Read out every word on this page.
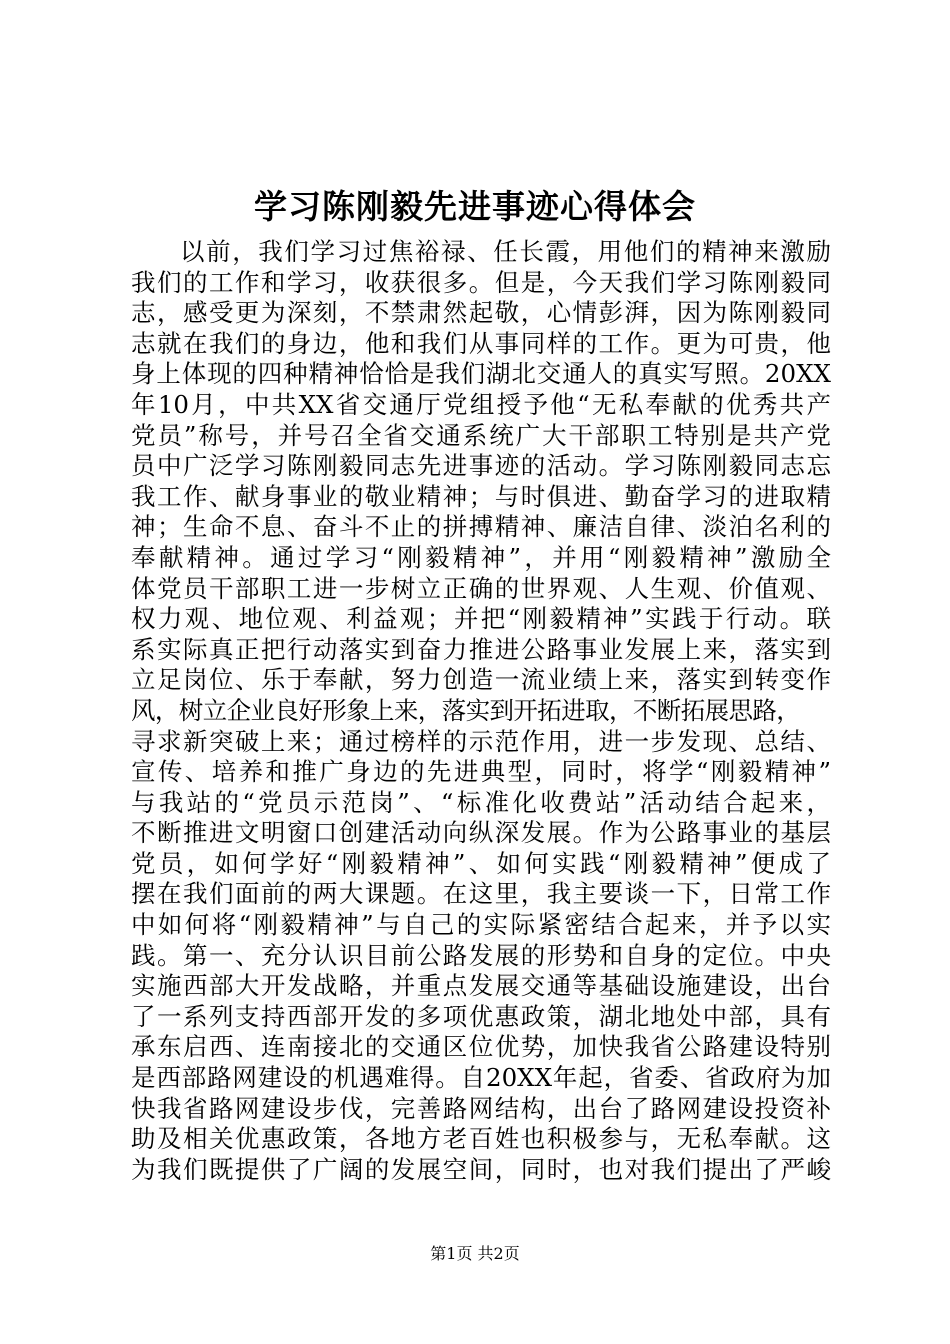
学习陈刚毅先进事迹心得体会
以前，我们学习过焦裕禄、任长霞，用他们的精神来激励
我们的工作和学习，收获很多。但是，今天我们学习陈刚毅同
志，感受更为深刻，不禁肃然起敬，心情彭湃，因为陈刚毅同
志就在我们的身边，他和我们从事同样的工作。更为可贵，他
身上体现的四种精神恰恰是我们湖北交通人的真实写照。20XX
年10月，中共XX省交通厅党组授予他“无私奉献的优秀共产
党员”称号，并号召全省交通系统广大干部职工特别是共产党
员中广泛学习陈刚毅同志先进事迹的活动。学习陈刚毅同志忘
我工作、献身事业的敬业精神；与时俱进、勤奋学习的进取精
神；生命不息、奋斗不止的拼搏精神、廉洁自律、淡泊名利的
奉献精神。通过学习“刚毅精神”，并用“刚毅精神”激励全
体党员干部职工进一步树立正确的世界观、人生观、价值观、
权力观、地位观、利益观；并把“刚毅精神”实践于行动。联
系实际真正把行动落实到奋力推进公路事业发展上来，落实到
立足岗位、乐于奉献，努力创造一流业绩上来，落实到转变作
风，树立企业良好形象上来，落实到开拓进取，不断拓展思路，
寻求新突破上来；通过榜样的示范作用，进一步发现、总结、
宣传、培养和推广身边的先进典型，同时，将学“刚毅精神”
与我站的“党员示范岗”、“标准化收费站”活动结合起来，
不断推进文明窗口创建活动向纵深发展。作为公路事业的基层
党员，如何学好“刚毅精神”、如何实践“刚毅精神”便成了
摆在我们面前的两大课题。在这里，我主要谈一下，日常工作
中如何将“刚毅精神”与自己的实际紧密结合起来，并予以实
践。第一、充分认识目前公路发展的形势和自身的定位。中央
实施西部大开发战略，并重点发展交通等基础设施建设，出台
了一系列支持西部开发的多项优惠政策，湖北地处中部，具有
承东启西、连南接北的交通区位优势，加快我省公路建设特别
是西部路网建设的机遇难得。自20XX年起，省委、省政府为加
快我省路网建设步伐，完善路网结构，出台了路网建设投资补
助及相关优惠政策，各地方老百姓也积极参与，无私奉献。这
为我们既提供了广阔的发展空间，同时，也对我们提出了严峻
第1页 共2页
